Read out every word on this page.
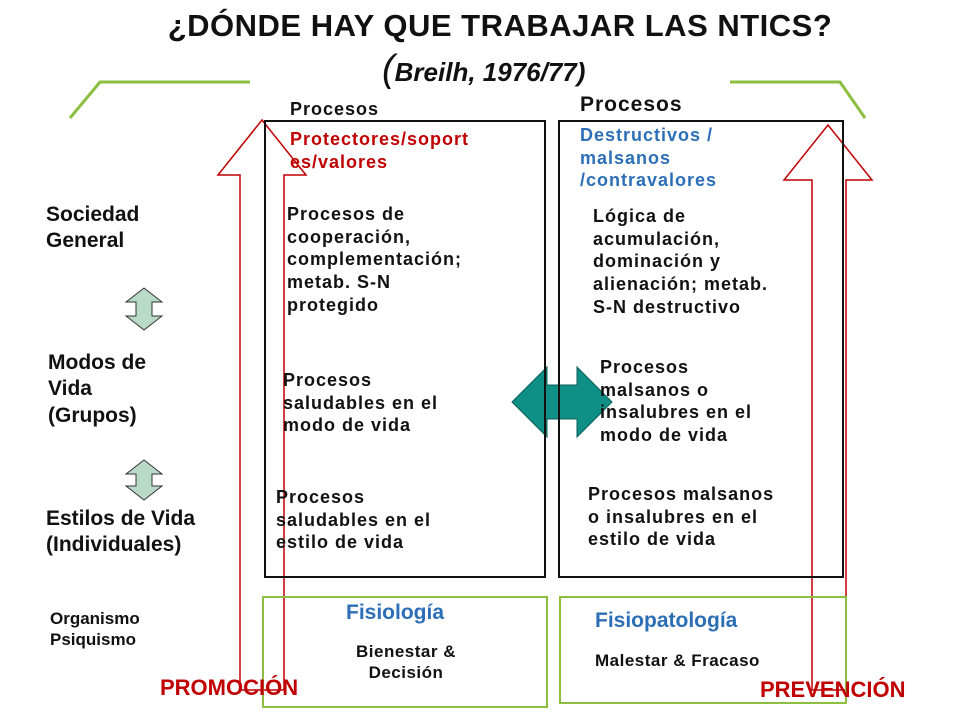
¿DÓNDE HAY QUE TRABAJAR LAS NTICS?
(Breilh, 1976/77)
Sociedad
General
Modos de
Vida
(Grupos)
Estilos de Vida
(Individuales)
Organismo
Psiquismo
Procesos
Protectores/soport
es/valores
Procesos
Destructivos /
malsanos
/contravalores
Procesos de
cooperación,
complementación;
metab. S-N
protegido
Procesos
saludables en el
modo de vida
Procesos
saludables en el
estilo de vida
Lógica de
acumulación,
dominación y
alienación; metab.
S-N destructivo
Procesos
malsanos o
insalubres en el
modo de vida
Procesos malsanos
o insalubres en el
estilo de vida
Fisiología
Bienestar &
Decisión
Fisiopatología
Malestar & Fracaso
PROMOCIÓN	PREVENCIÓN
